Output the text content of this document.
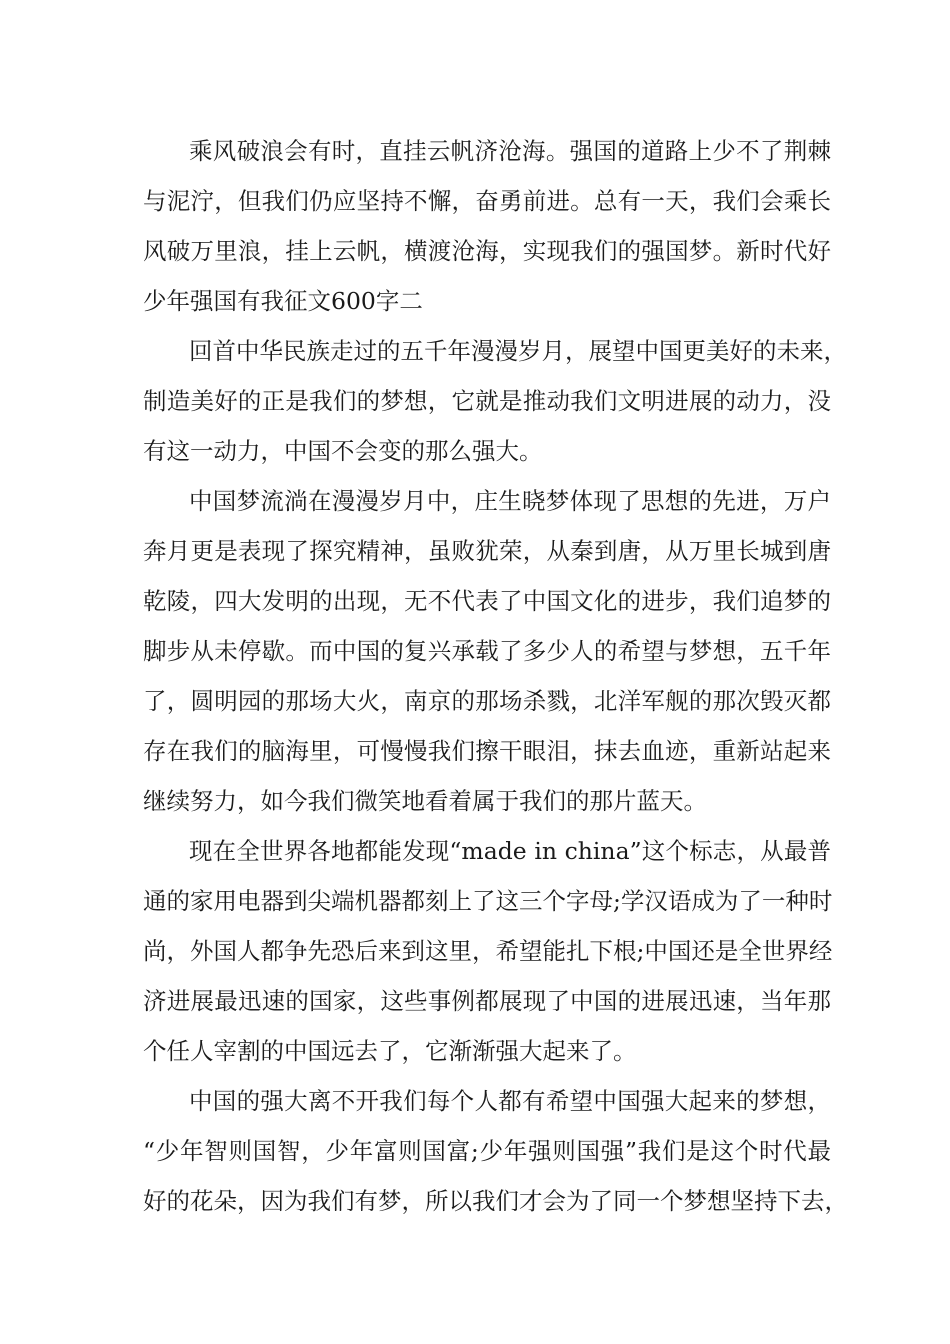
乘风破浪会有时，直挂云帆济沧海。强国的道路上少不了荆棘
与泥泞，但我们仍应坚持不懈，奋勇前进。总有一天，我们会乘长
风破万里浪，挂上云帆，横渡沧海，实现我们的强国梦。新时代好
少年强国有我征文600字二
回首中华民族走过的五千年漫漫岁月，展望中国更美好的未来，
制造美好的正是我们的梦想，它就是推动我们文明进展的动力，没
有这一动力，中国不会变的那么强大。
中国梦流淌在漫漫岁月中，庄生晓梦体现了思想的先进，万户
奔月更是表现了探究精神，虽败犹荣，从秦到唐，从万里长城到唐
乾陵，四大发明的出现，无不代表了中国文化的进步，我们追梦的
脚步从未停歇。而中国的复兴承载了多少人的希望与梦想，五千年
了，圆明园的那场大火，南京的那场杀戮，北洋军舰的那次毁灭都
存在我们的脑海里，可慢慢我们擦干眼泪，抹去血迹，重新站起来
继续努力，如今我们微笑地看着属于我们的那片蓝天。
现在全世界各地都能发现“made in china”这个标志，从最普
通的家用电器到尖端机器都刻上了这三个字母;学汉语成为了一种时
尚，外国人都争先恐后来到这里，希望能扎下根;中国还是全世界经
济进展最迅速的国家，这些事例都展现了中国的进展迅速，当年那
个任人宰割的中国远去了，它渐渐强大起来了。
中国的强大离不开我们每个人都有希望中国强大起来的梦想，
“少年智则国智，少年富则国富;少年强则国强”我们是这个时代最
好的花朵，因为我们有梦，所以我们才会为了同一个梦想坚持下去，
